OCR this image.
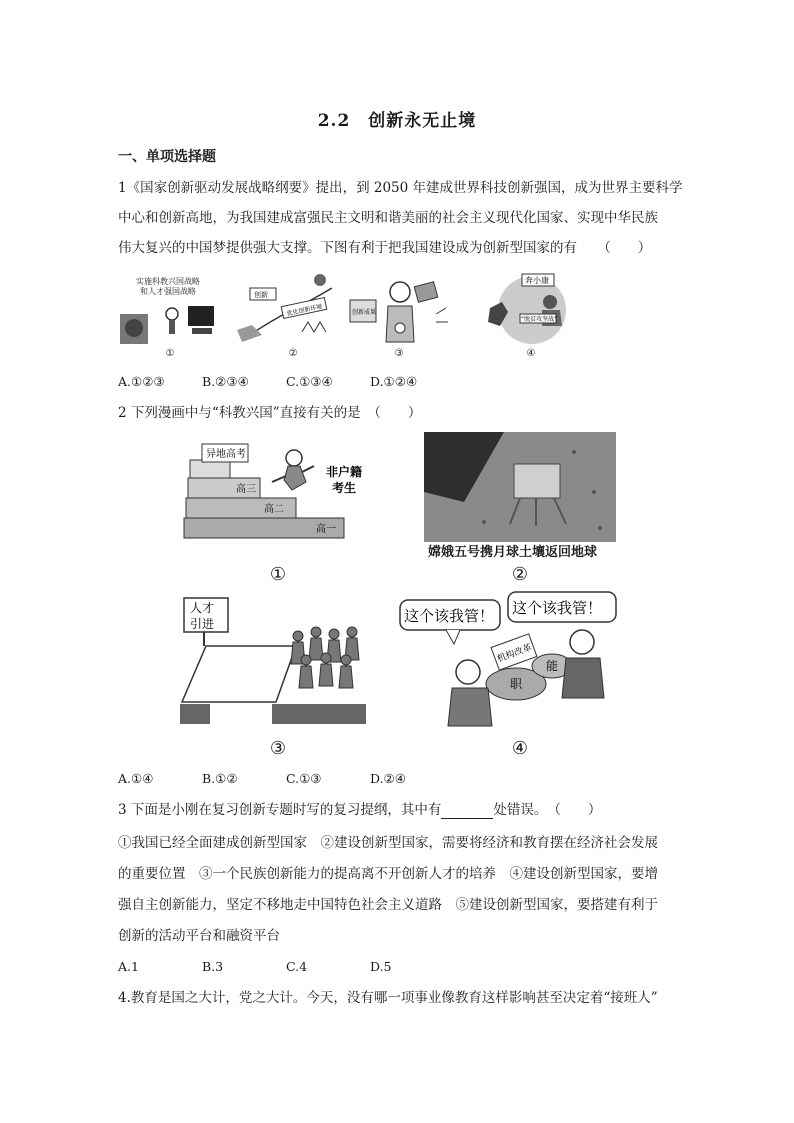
2.2　创新永无止境
一、单项选择题
1《国家创新驱动发展战略纲要》提出，到 2050 年建成世界科技创新强国，成为世界主要科学
中心和创新高地，为我国建成富强民主文明和谐美丽的社会主义现代化国家、实现中华民族
伟大复兴的中国梦提供强大支撑。下图有利于把我国建设成为创新型国家的有　　（　　）
实施科教兴国战略
和人才强国战略
①
创新
优化创新环境
②
创新成果
③
奔小康
“脱贫攻坚战”
④
A.①②③	B.②③④	C.①③④	D.①②④
2 下列漫画中与“科教兴国”直接有关的是　（　　）
异地高考
高三
高二
高一
非户籍
考生
①
嫦娥五号携月球土壤返回地球
②
人才
引进
③
这个该我管！ 这个该我管！
机构改革
职
能
④
A.①④	B.①②	C.①③	D.②④
3 下面是小刚在复习创新专题时写的复习提纲，其中有	处错误。　（　　）
①我国已经全面建成创新型国家　②建设创新型国家，需要将经济和教育摆在经济社会发展
的重要位置　③一个民族创新能力的提高离不开创新人才的培养　④建设创新型国家，要增
强自主创新能力，坚定不移地走中国特色社会主义道路　⑤建设创新型国家，要搭建有利于
创新的活动平台和融资平台
A.1	B.3	C.4	D.5
4.教育是国之大计，党之大计。今天，没有哪一项事业像教育这样影响甚至决定着“接班人”
